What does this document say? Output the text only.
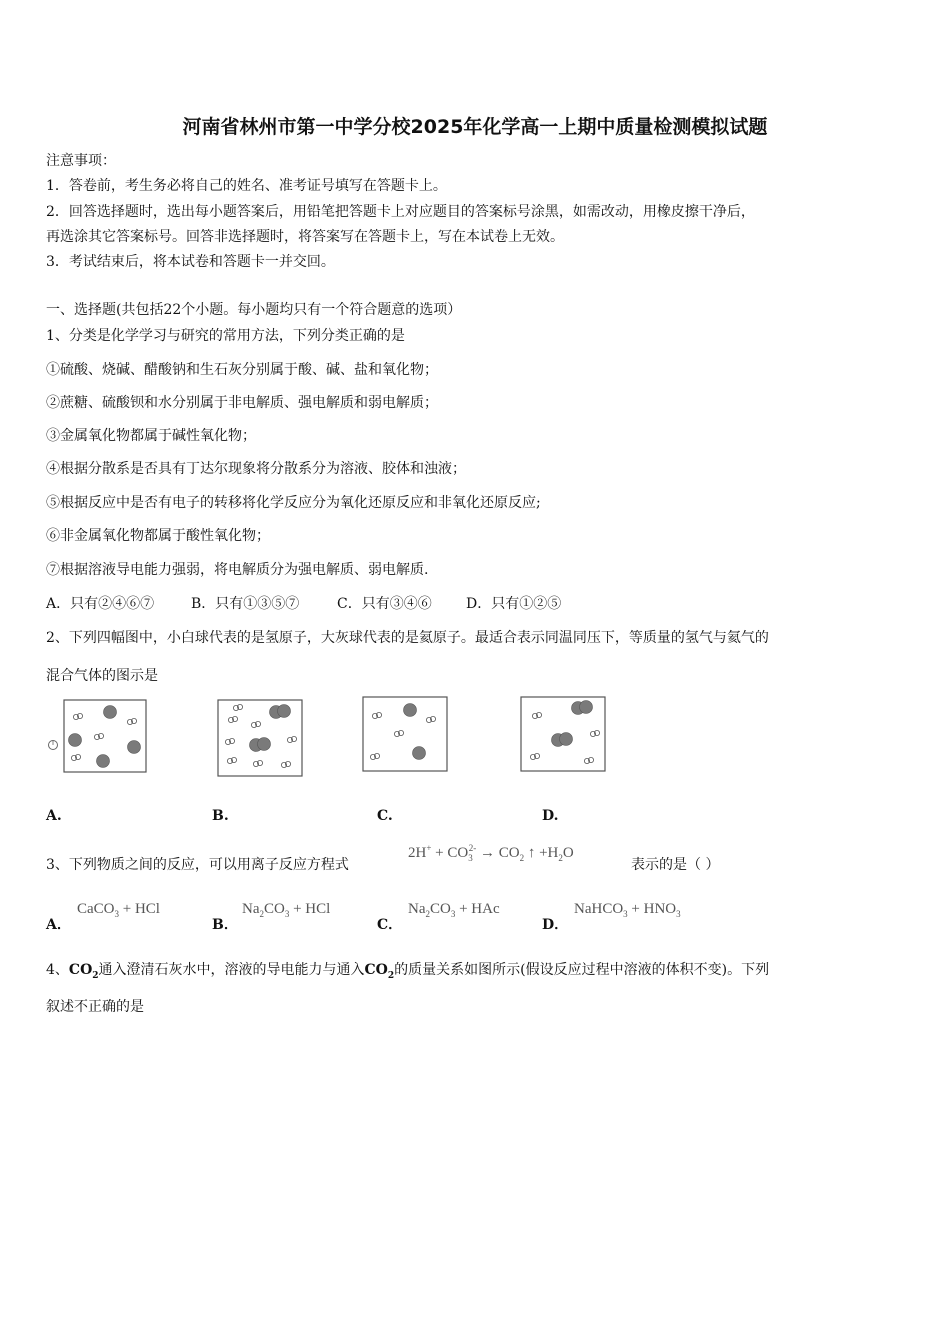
河南省林州市第一中学分校2025年化学高一上期中质量检测模拟试题
注意事项：
1．答卷前，考生务必将自己的姓名、准考证号填写在答题卡上。
2．回答选择题时，选出每小题答案后，用铅笔把答题卡上对应题目的答案标号涂黑，如需改动，用橡皮擦干净后，
再选涂其它答案标号。回答非选择题时，将答案写在答题卡上，写在本试卷上无效。
3．考试结束后，将本试卷和答题卡一并交回。
一、选择题(共包括22个小题。每小题均只有一个符合题意的选项）
1、分类是化学学习与研究的常用方法，下列分类正确的是
①硫酸、烧碱、醋酸钠和生石灰分别属于酸、碱、盐和氧化物；
②蔗糖、硫酸钡和水分别属于非电解质、强电解质和弱电解质；
③金属氧化物都属于碱性氧化物；
④根据分散系是否具有丁达尔现象将分散系分为溶液、胶体和浊液；
⑤根据反应中是否有电子的转移将化学反应分为氧化还原反应和非氧化还原反应;
⑥非金属氧化物都属于酸性氧化物；
⑦根据溶液导电能力强弱，将电解质分为强电解质、弱电解质.
A．只有②④⑥⑦	B．只有①③⑤⑦	C．只有③④⑥ D．只有①②⑤
2、下列四幅图中，小白球代表的是氢原子，大灰球代表的是氦原子。最适合表示同温同压下，等质量的氢气与氦气的
混合气体的图示是
A.	B.	C.	D.
3、下列物质之间的反应，可以用离子反应方程式
$2H^+ + CO_3^{2-} \to CO_2$ ↑ $+H_2O$
表示的是（ ）
A．
CaCO$_3$ + HCl
B．
$Na_2CO_3$ + HCl
C．
$Na_2CO_3$ + HAc
D．
NaHCO$_3$ + $HNO_3$
4、$CO_2$通入澄清石灰水中，溶液的导电能力与通入$CO_2$的质量关系如图所示(假设反应过程中溶液的体积不变)。下列
叙述不正确的是
